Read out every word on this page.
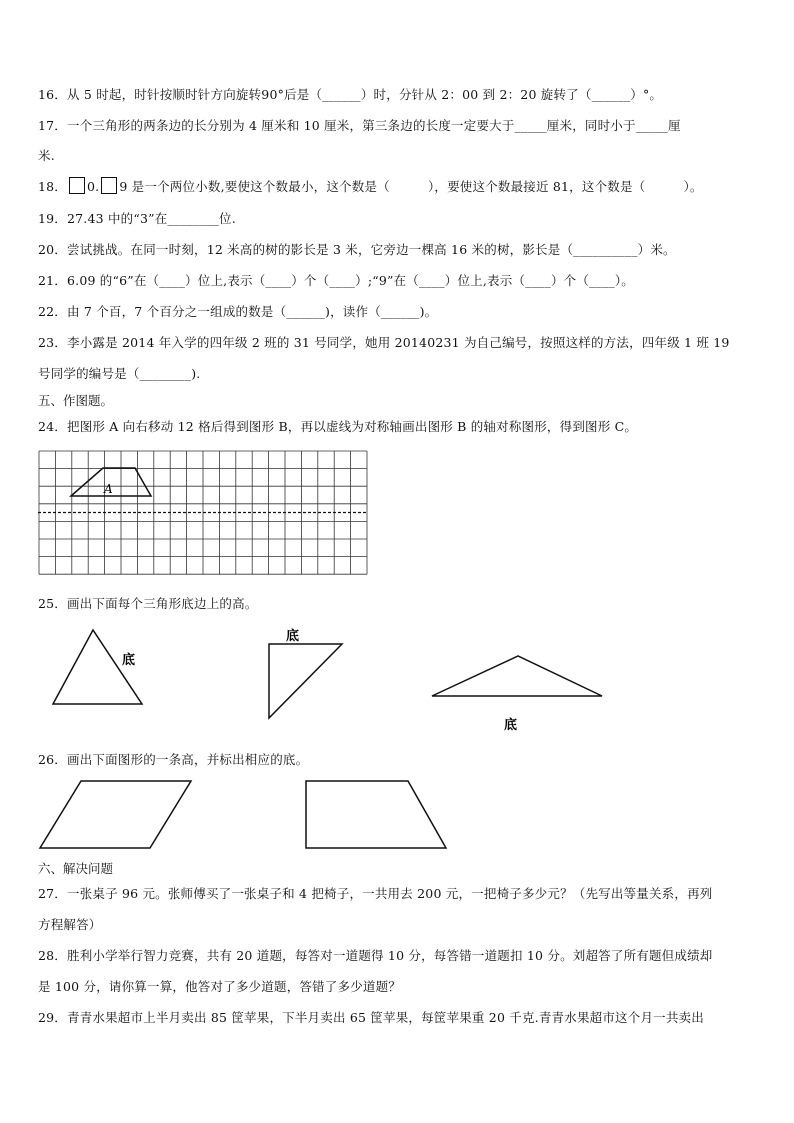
16．从 5 时起，时针按顺时针方向旋转90°后是（______）时，分针从 2：00 到 2：20 旋转了（______）°。
17．一个三角形的两条边的长分别为 4 厘米和 10 厘米，第三条边的长度一定要大于_____厘米，同时小于_____厘
米.
18． 0. 9 是一个两位小数,要使这个数最小，这个数是（　　　），要使这个数最接近 81，这个数是（　　　）。
19．27.43 中的“3”在________位.
20．尝试挑战。在同一时刻，12 米高的树的影长是 3 米，它旁边一棵高 16 米的树，影长是（__________）米。
21．6.09 的“6”在（____）位上,表示（____）个（____）;“9”在（____）位上,表示（____）个（____）。
22．由 7 个百，7 个百分之一组成的数是（______)，读作（______)。
23．李小露是 2014 年入学的四年级 2 班的 31 号同学，她用 20140231 为自己编号，按照这样的方法，四年级 1 班 19
号同学的编号是（________).
五、作图题。
24．把图形 A 向右移动 12 格后得到图形 B，再以虚线为对称轴画出图形 B 的轴对称图形，得到图形 C。
A
25．画出下面每个三角形底边上的高。
底
底
底
26．画出下面图形的一条高，并标出相应的底。
六、解决问题
27．一张桌子 96 元。张师傅买了一张桌子和 4 把椅子，一共用去 200 元，一把椅子多少元？（先写出等量关系，再列
方程解答）
28．胜利小学举行智力竞赛，共有 20 道题，每答对一道题得 10 分，每答错一道题扣 10 分。刘超答了所有题但成绩却
是 100 分，请你算一算，他答对了多少道题，答错了多少道题？
29．青青水果超市上半月卖出 85 筐苹果，下半月卖出 65 筐苹果，每筐苹果重 20 千克.青青水果超市这个月一共卖出
